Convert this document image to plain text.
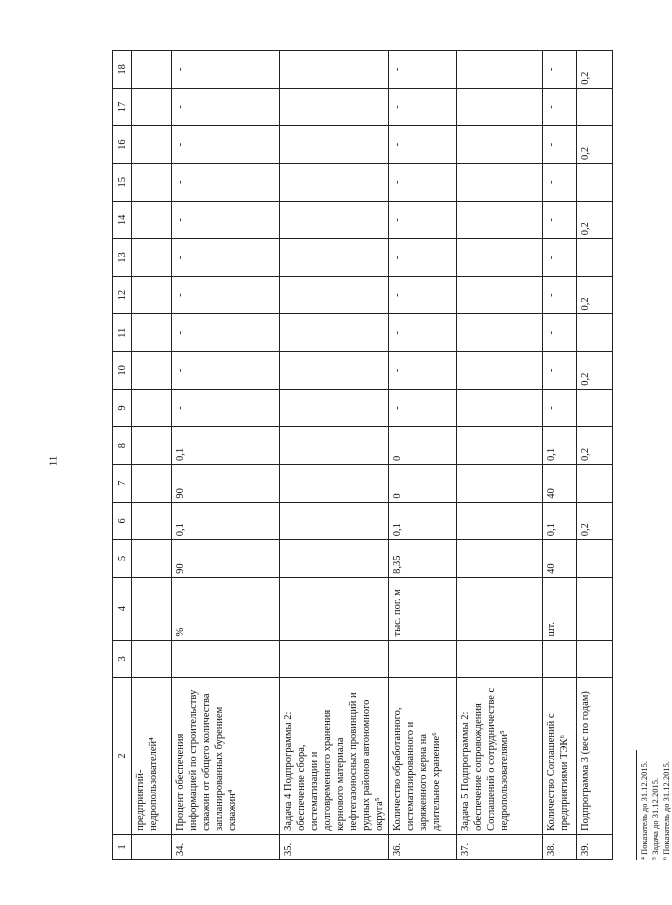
11
1	2	3	4	5	6	7	8	9	10	11	12	13	14	15	16	17	18
	предприятий-недропользователей⁴																
34.	Процент обеспечения информацией по строительству скважин от общего количества запланированных бурением скважин⁴		%	90	0,1	90	0,1	-	-	-	-	-	-	-	-	-	-
35.	Задача 4 Подпрограммы 2: обеспечение сбора, систематизации и долговременного хранения кернового материала нефтегазоносных провинций и рудных районов автономного округа⁵																
36.	Количество обработанного, систематизированного и заряженного керна на длительное хранение⁶		тыс. пог. м	8,35	0,1	0	0	-	-	-	-	-	-	-	-	-	-
37.	Задача 5 Подпрограммы 2: обеспечение сопровождения Соглашений о сотрудничестве с недропользователями⁵																
38.	Количество Соглашений с предприятиями ТЭК⁶		шт.	40	0,1	40	0,1	-	-	-	-	-	-	-	-	-	-
39.	Подпрограмма 3 (вес по годам)				0,2		0,2		0,2		0,2		0,2		0,2		0,2
⁴ Показатель до 31.12.2015. ⁵ Задача до 31.12.2015. ⁶ Показатель до 31.12.2015.
